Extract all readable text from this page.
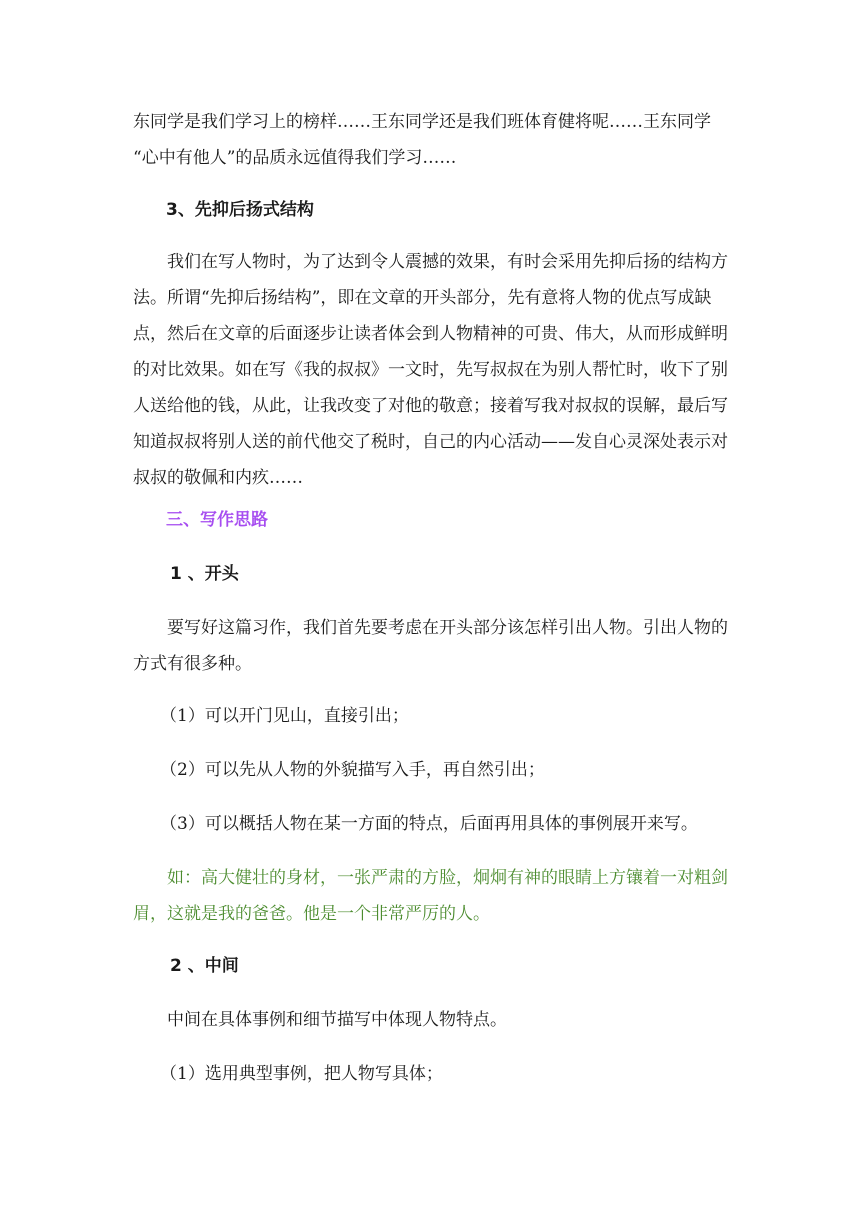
东同学是我们学习上的榜样……王东同学还是我们班体育健将呢……王东同学
“心中有他人”的品质永远值得我们学习……

3、先抑后扬式结构

我们在写人物时，为了达到令人震撼的效果，有时会采用先抑后扬的结构方
法。所谓“先抑后扬结构”，即在文章的开头部分，先有意将人物的优点写成缺
点，然后在文章的后面逐步让读者体会到人物精神的可贵、伟大，从而形成鲜明
的对比效果。如在写《我的叔叔》一文时，先写叔叔在为别人帮忙时，收下了别
人送给他的钱，从此，让我改变了对他的敬意；接着写我对叔叔的误解，最后写
知道叔叔将别人送的前代他交了税时，自己的内心活动——发自心灵深处表示对
叔叔的敬佩和内疚……

三、写作思路

1 、开头

要写好这篇习作，我们首先要考虑在开头部分该怎样引出人物。引出人物的
方式有很多种。

（1）可以开门见山，直接引出；

（2）可以先从人物的外貌描写入手，再自然引出；

（3）可以概括人物在某一方面的特点，后面再用具体的事例展开来写。

如：高大健壮的身材，一张严肃的方脸，炯炯有神的眼睛上方镶着一对粗剑
眉，这就是我的爸爸。他是一个非常严厉的人。

2 、中间

中间在具体事例和细节描写中体现人物特点。

（1）选用典型事例，把人物写具体；
